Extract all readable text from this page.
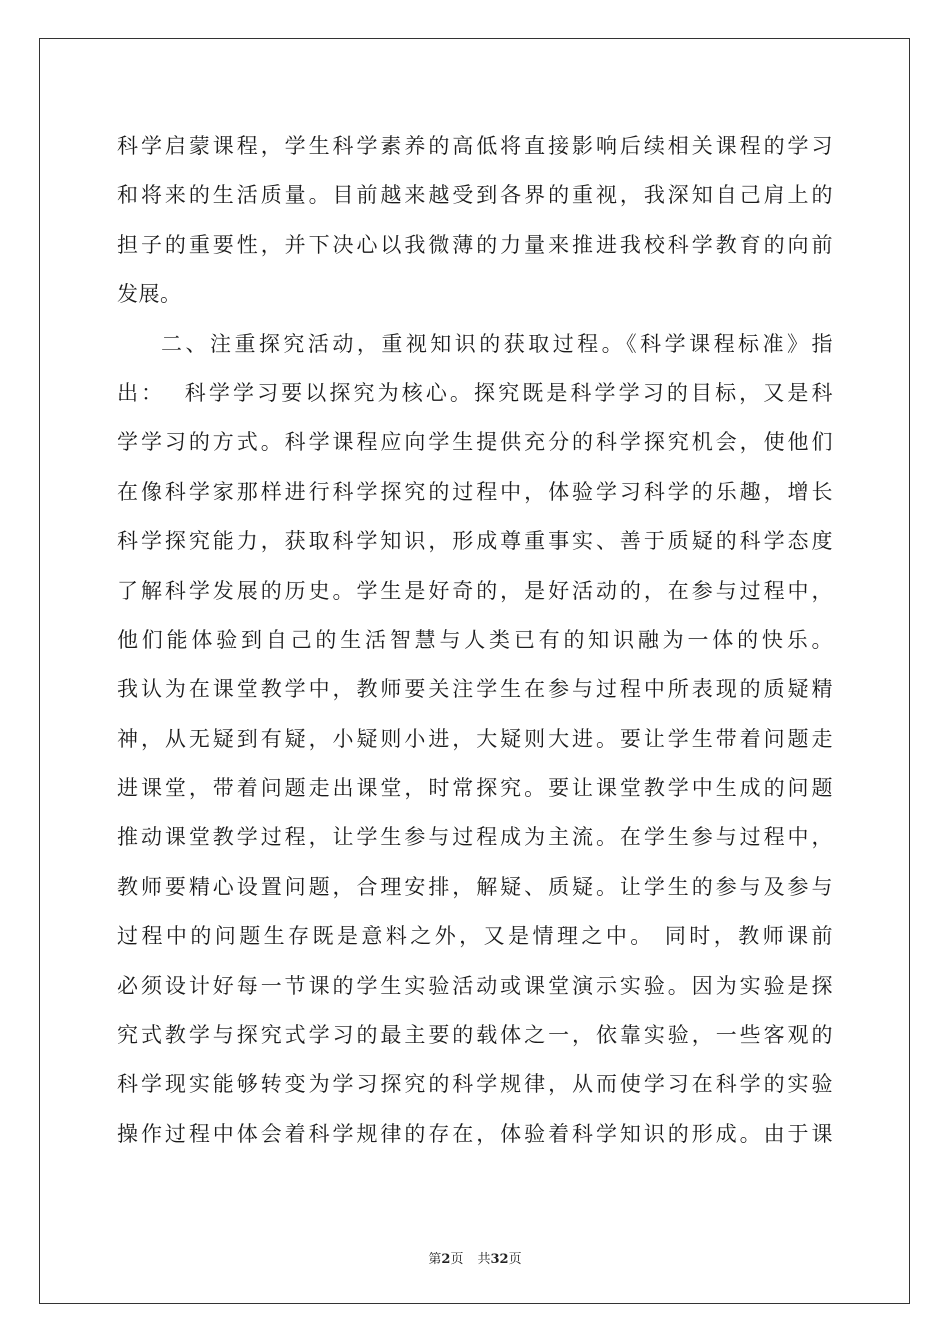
科学启蒙课程，学生科学素养的高低将直接影响后续相关课程的学习
和将来的生活质量。目前越来越受到各界的重视，我深知自己肩上的
担子的重要性，并下决心以我微薄的力量来推进我校科学教育的向前
发展。
二、注重探究活动，重视知识的获取过程。《科学课程标准》指
出：  科学学习要以探究为核心。探究既是科学学习的目标，又是科
学学习的方式。科学课程应向学生提供充分的科学探究机会，使他们
在像科学家那样进行科学探究的过程中，体验学习科学的乐趣，增长
科学探究能力，获取科学知识，形成尊重事实、善于质疑的科学态度
了解科学发展的历史。学生是好奇的，是好活动的，在参与过程中，
他们能体验到自己的生活智慧与人类已有的知识融为一体的快乐。
我认为在课堂教学中，教师要关注学生在参与过程中所表现的质疑精
神，从无疑到有疑，小疑则小进，大疑则大进。要让学生带着问题走
进课堂，带着问题走出课堂，时常探究。要让课堂教学中生成的问题
推动课堂教学过程，让学生参与过程成为主流。在学生参与过程中，
教师要精心设置问题，合理安排，解疑、质疑。让学生的参与及参与
过程中的问题生存既是意料之外，又是情理之中。 同时，教师课前
必须设计好每一节课的学生实验活动或课堂演示实验。因为实验是探
究式教学与探究式学习的最主要的载体之一，依靠实验，一些客观的
科学现实能够转变为学习探究的科学规律，从而使学习在科学的实验
操作过程中体会着科学规律的存在，体验着科学知识的形成。由于课
第2页 共32页
